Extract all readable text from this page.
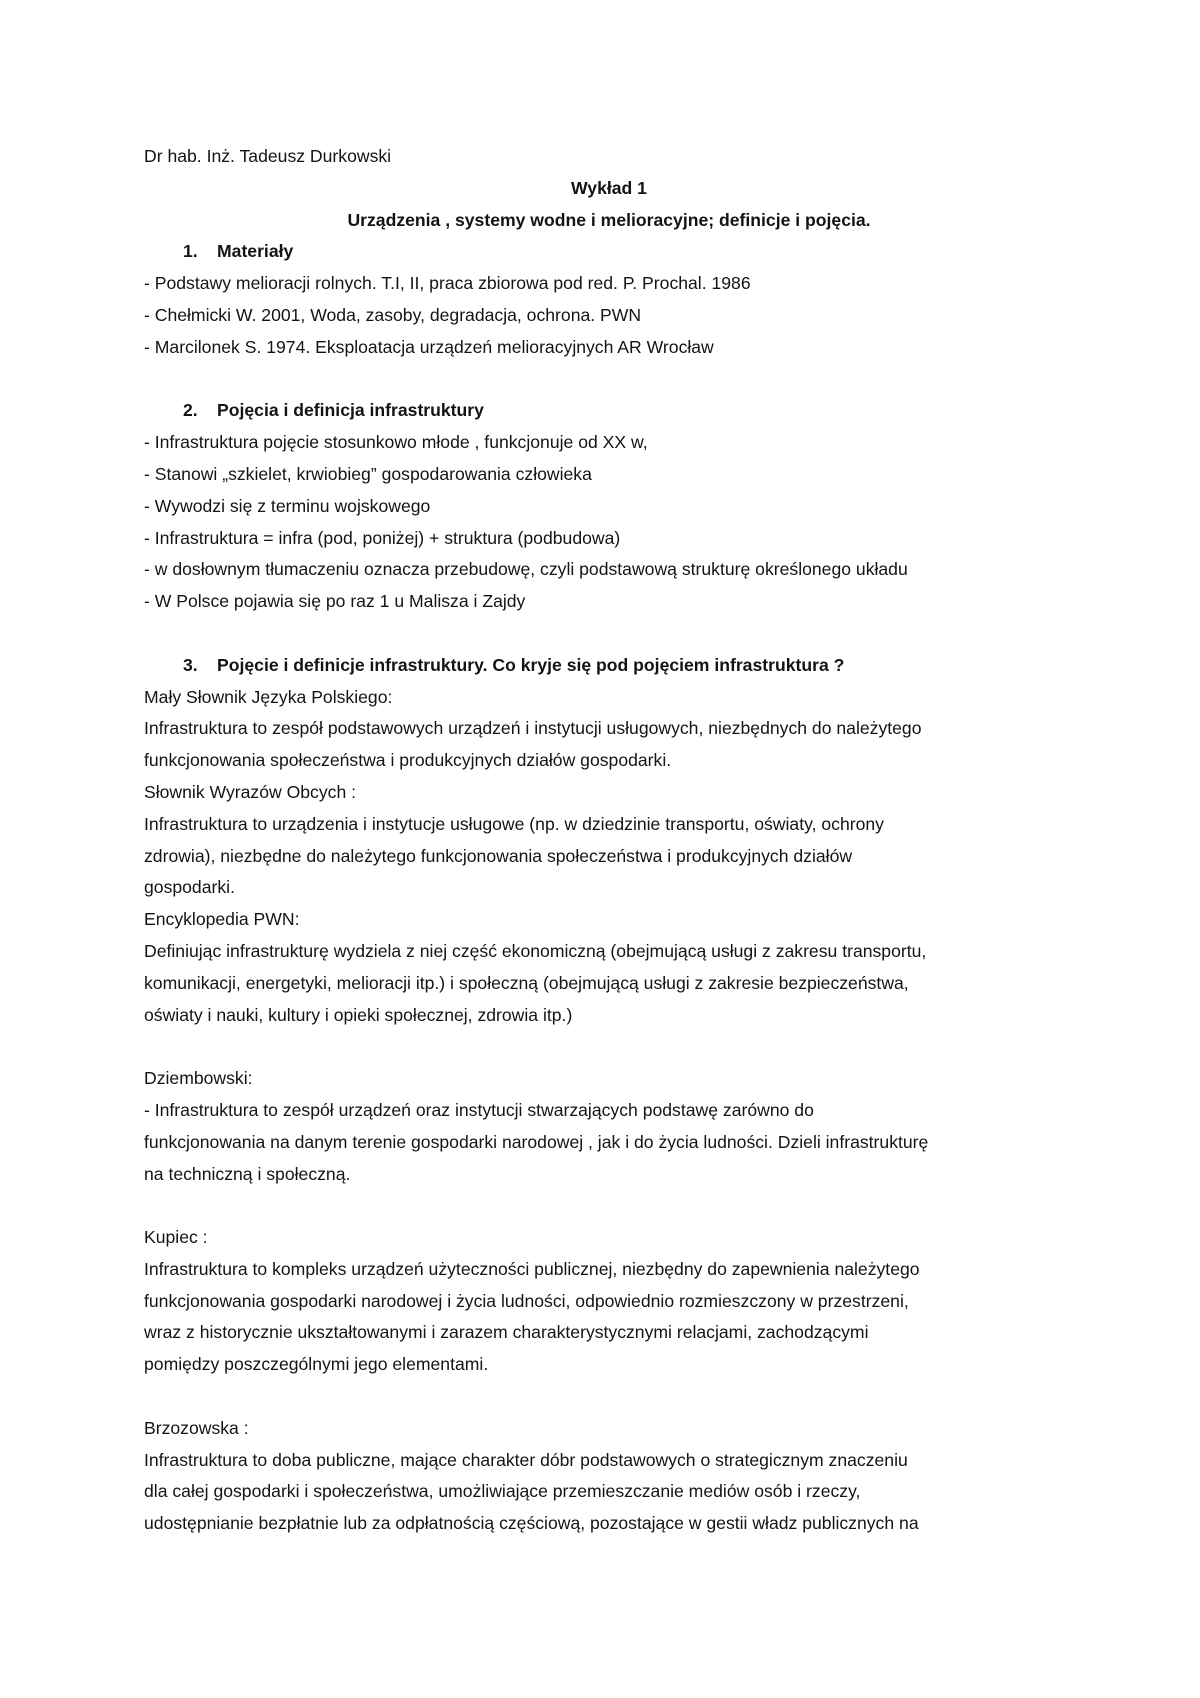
Dr hab. Inż. Tadeusz Durkowski

Wykład 1

Urządzenia , systemy wodne i melioracyjne; definicje i pojęcia.

1.	Materiały

- Podstawy melioracji rolnych. T.I, II, praca zbiorowa pod red. P. Prochal. 1986

- Chełmicki W. 2001, Woda, zasoby, degradacja, ochrona. PWN

- Marcilonek S. 1974. Eksploatacja urządzeń melioracyjnych AR Wrocław

2.	Pojęcia i definicja infrastruktury

- Infrastruktura pojęcie stosunkowo młode , funkcjonuje od XX w,

- Stanowi „szkielet, krwiobieg” gospodarowania człowieka

- Wywodzi się z terminu wojskowego

- Infrastruktura = infra (pod, poniżej) + struktura (podbudowa)

- w dosłownym tłumaczeniu oznacza przebudowę, czyli podstawową strukturę określonego układu

- W Polsce pojawia się po raz 1 u Malisza i Zajdy

3.	Pojęcie i definicje infrastruktury. Co kryje się pod pojęciem infrastruktura ?

Mały Słownik Języka Polskiego:

Infrastruktura to zespół podstawowych urządzeń i instytucji usługowych, niezbędnych do należytego

funkcjonowania społeczeństwa i produkcyjnych działów gospodarki.

Słownik Wyrazów Obcych :

Infrastruktura to urządzenia i instytucje usługowe (np. w dziedzinie transportu, oświaty, ochrony

zdrowia), niezbędne do należytego funkcjonowania społeczeństwa i produkcyjnych działów

gospodarki.

Encyklopedia PWN:

Definiując infrastrukturę wydziela z niej część ekonomiczną (obejmującą usługi z zakresu transportu,

komunikacji, energetyki, melioracji itp.) i społeczną (obejmującą usługi z zakresie bezpieczeństwa,

oświaty i nauki, kultury i opieki społecznej, zdrowia itp.)

Dziembowski:

- Infrastruktura to zespół urządzeń oraz instytucji stwarzających podstawę zarówno do

funkcjonowania na danym terenie gospodarki narodowej , jak i do życia ludności. Dzieli infrastrukturę

na techniczną i społeczną.

Kupiec :

Infrastruktura to kompleks urządzeń użyteczności publicznej, niezbędny do zapewnienia należytego

funkcjonowania gospodarki narodowej i życia ludności, odpowiednio rozmieszczony w przestrzeni,

wraz z historycznie ukształtowanymi i zarazem charakterystycznymi relacjami, zachodzącymi

pomiędzy poszczególnymi jego elementami.

Brzozowska :

Infrastruktura to doba publiczne, mające charakter dóbr podstawowych o strategicznym znaczeniu

dla całej gospodarki i społeczeństwa, umożliwiające przemieszczanie mediów osób i rzeczy,

udostępnianie bezpłatnie lub za odpłatnością częściową, pozostające w gestii władz publicznych na
